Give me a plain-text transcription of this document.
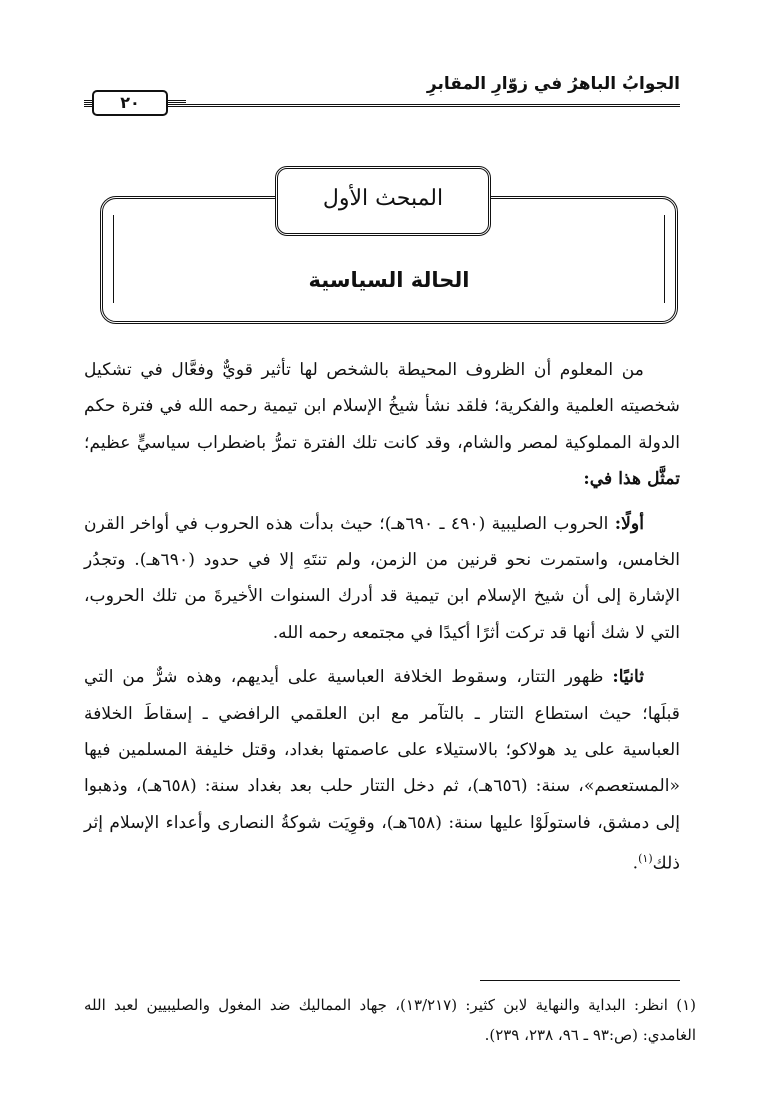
٢٠
الجوابُ الباهرُ في زوّارِ المقابرِ
المبحث الأول
الحالة السياسية

من المعلوم أن الظروف المحيطة بالشخص لها تأثير قويٌّ وفعَّال في تشكيل شخصيته العلمية والفكرية؛ فلقد نشأ شيخُ الإسلام ابن تيمية رحمه الله في فترة حكم الدولة المملوكية لمصر والشام، وقد كانت تلك الفترة تمرُّ باضطراب سياسيٍّ عظيم؛ تمثَّل هذا في:

أولًا: الحروب الصليبية (٤٩٠ ـ ٦٩٠هـ)؛ حيث بدأت هذه الحروب في أواخر القرن الخامس، واستمرت نحو قرنين من الزمن، ولم تنتَهِ إلا في حدود (٦٩٠هـ). وتجدُر الإشارة إلى أن شيخ الإسلام ابن تيمية قد أدرك السنوات الأخيرةَ من تلك الحروب، التي لا شك أنها قد تركت أثرًا أكيدًا في مجتمعه رحمه الله.

ثانيًا: ظهور التتار، وسقوط الخلافة العباسية على أيديهم، وهذه شرٌّ من التي قبلَها؛ حيث استطاع التتار ـ بالتآمر مع ابن العلقمي الرافضي ـ إسقاطَ الخلافة العباسية على يد هولاكو؛ بالاستيلاء على عاصمتها بغداد، وقتل خليفة المسلمين فيها «المستعصم»، سنة: (٦٥٦هـ)، ثم دخل التتار حلب بعد بغداد سنة: (٦٥٨هـ)، وذهبوا إلى دمشق، فاستولَوْا عليها سنة: (٦٥٨هـ)، وقوِيَت شوكةُ النصارى وأعداء الإسلام إثر ذلك$^{(١)}$.

(١) انظر: البداية والنهاية لابن كثير: (١٣/٢١٧)، جهاد المماليك ضد المغول والصليبيين لعبد الله الغامدي: (ص:٩٣ ـ ٩٦، ٢٣٨، ٢٣٩).
